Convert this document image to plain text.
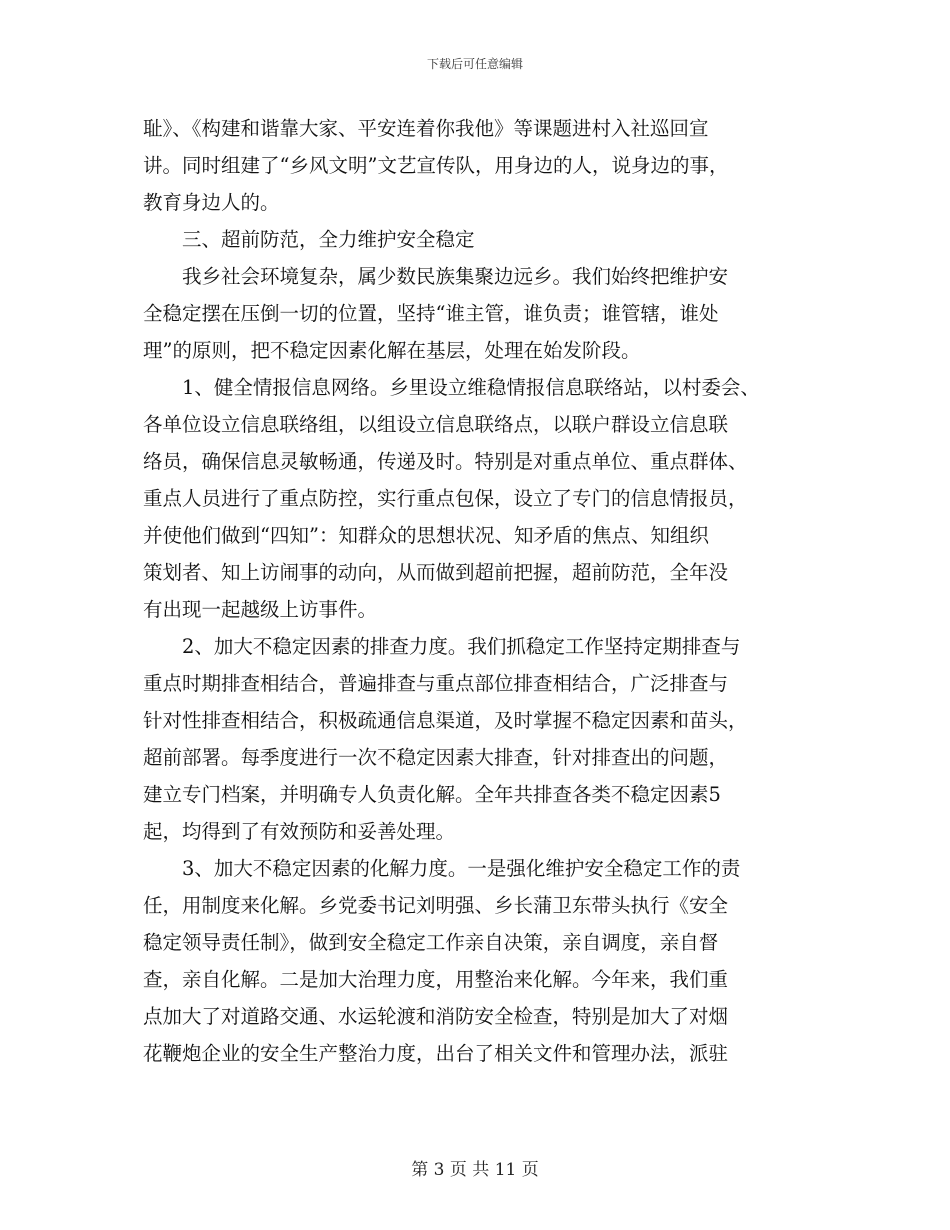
下载后可任意编辑
耻》、《构建和谐靠大家、平安连着你我他》等课题进村入社巡回宣
讲。同时组建了“乡风文明”文艺宣传队，用身边的人，说身边的事，
教育身边人的。
三、超前防范，全力维护安全稳定
我乡社会环境复杂，属少数民族集聚边远乡。我们始终把维护安
全稳定摆在压倒一切的位置，坚持“谁主管，谁负责；谁管辖，谁处
理”的原则，把不稳定因素化解在基层，处理在始发阶段。
1、健全情报信息网络。乡里设立维稳情报信息联络站，以村委会、
各单位设立信息联络组，以组设立信息联络点，以联户群设立信息联
络员，确保信息灵敏畅通，传递及时。特别是对重点单位、重点群体、
重点人员进行了重点防控，实行重点包保，设立了专门的信息情报员，
并使他们做到“四知”：知群众的思想状况、知矛盾的焦点、知组织
策划者、知上访闹事的动向，从而做到超前把握，超前防范，全年没
有出现一起越级上访事件。
2、加大不稳定因素的排查力度。我们抓稳定工作坚持定期排查与
重点时期排查相结合，普遍排查与重点部位排查相结合，广泛排查与
针对性排查相结合，积极疏通信息渠道，及时掌握不稳定因素和苗头，
超前部署。每季度进行一次不稳定因素大排查，针对排查出的问题，
建立专门档案，并明确专人负责化解。全年共排查各类不稳定因素5
起，均得到了有效预防和妥善处理。
3、加大不稳定因素的化解力度。一是强化维护安全稳定工作的责
任，用制度来化解。乡党委书记刘明强、乡长蒲卫东带头执行《安全
稳定领导责任制》，做到安全稳定工作亲自决策，亲自调度，亲自督
查，亲自化解。二是加大治理力度，用整治来化解。今年来，我们重
点加大了对道路交通、水运轮渡和消防安全检查，特别是加大了对烟
花鞭炮企业的安全生产整治力度，出台了相关文件和管理办法，派驻
第 3 页 共 11 页
